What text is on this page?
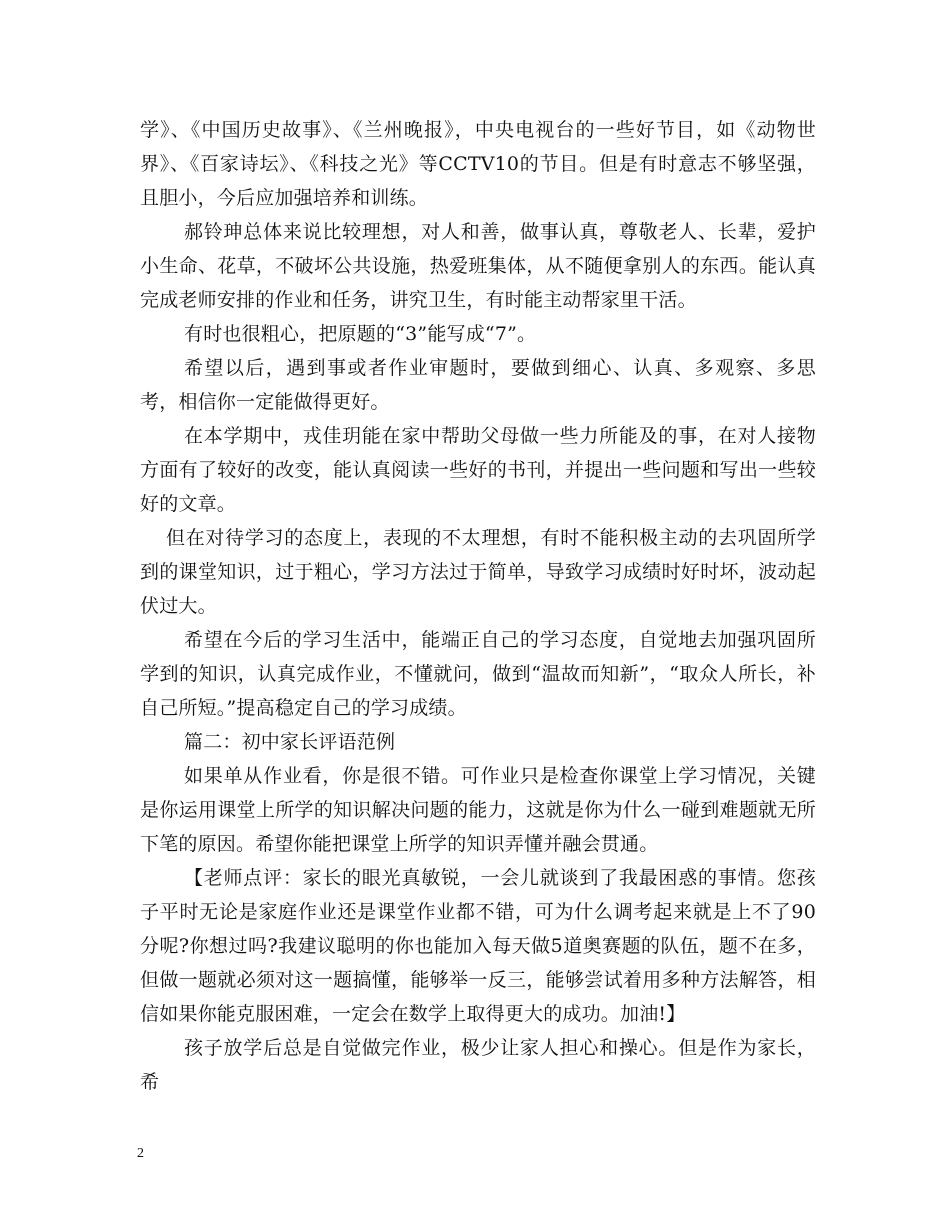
学》、《中国历史故事》、《兰州晚报》，中央电视台的一些好节目，如《动物世界》、《百家诗坛》、《科技之光》等CCTV10的节目。但是有时意志不够坚强，且胆小，今后应加强培养和训练。

郝铃珅总体来说比较理想，对人和善，做事认真，尊敬老人、长辈，爱护小生命、花草，不破坏公共设施，热爱班集体，从不随便拿别人的东西。能认真完成老师安排的作业和任务，讲究卫生，有时能主动帮家里干活。

有时也很粗心，把原题的“3”能写成“7”。

希望以后，遇到事或者作业审题时，要做到细心、认真、多观察、多思考，相信你一定能做得更好。

在本学期中，戎佳玥能在家中帮助父母做一些力所能及的事，在对人接物方面有了较好的改变，能认真阅读一些好的书刊，并提出一些问题和写出一些较好的文章。

但在对待学习的态度上，表现的不太理想，有时不能积极主动的去巩固所学到的课堂知识，过于粗心，学习方法过于简单，导致学习成绩时好时坏，波动起伏过大。

希望在今后的学习生活中，能端正自己的学习态度，自觉地去加强巩固所学到的知识，认真完成作业，不懂就问，做到“温故而知新”，“取众人所长，补自己所短。”提高稳定自己的学习成绩。

篇二：初中家长评语范例

如果单从作业看，你是很不错。可作业只是检查你课堂上学习情况，关键是你运用课堂上所学的知识解决问题的能力，这就是你为什么一碰到难题就无所下笔的原因。希望你能把课堂上所学的知识弄懂并融会贯通。

【老师点评：家长的眼光真敏锐，一会儿就谈到了我最困惑的事情。您孩子平时无论是家庭作业还是课堂作业都不错，可为什么调考起来就是上不了90分呢?你想过吗?我建议聪明的你也能加入每天做5道奥赛题的队伍，题不在多，但做一题就必须对这一题搞懂，能够举一反三，能够尝试着用多种方法解答，相信如果你能克服困难，一定会在数学上取得更大的成功。加油!】

孩子放学后总是自觉做完作业，极少让家人担心和操心。但是作为家长，希

2
